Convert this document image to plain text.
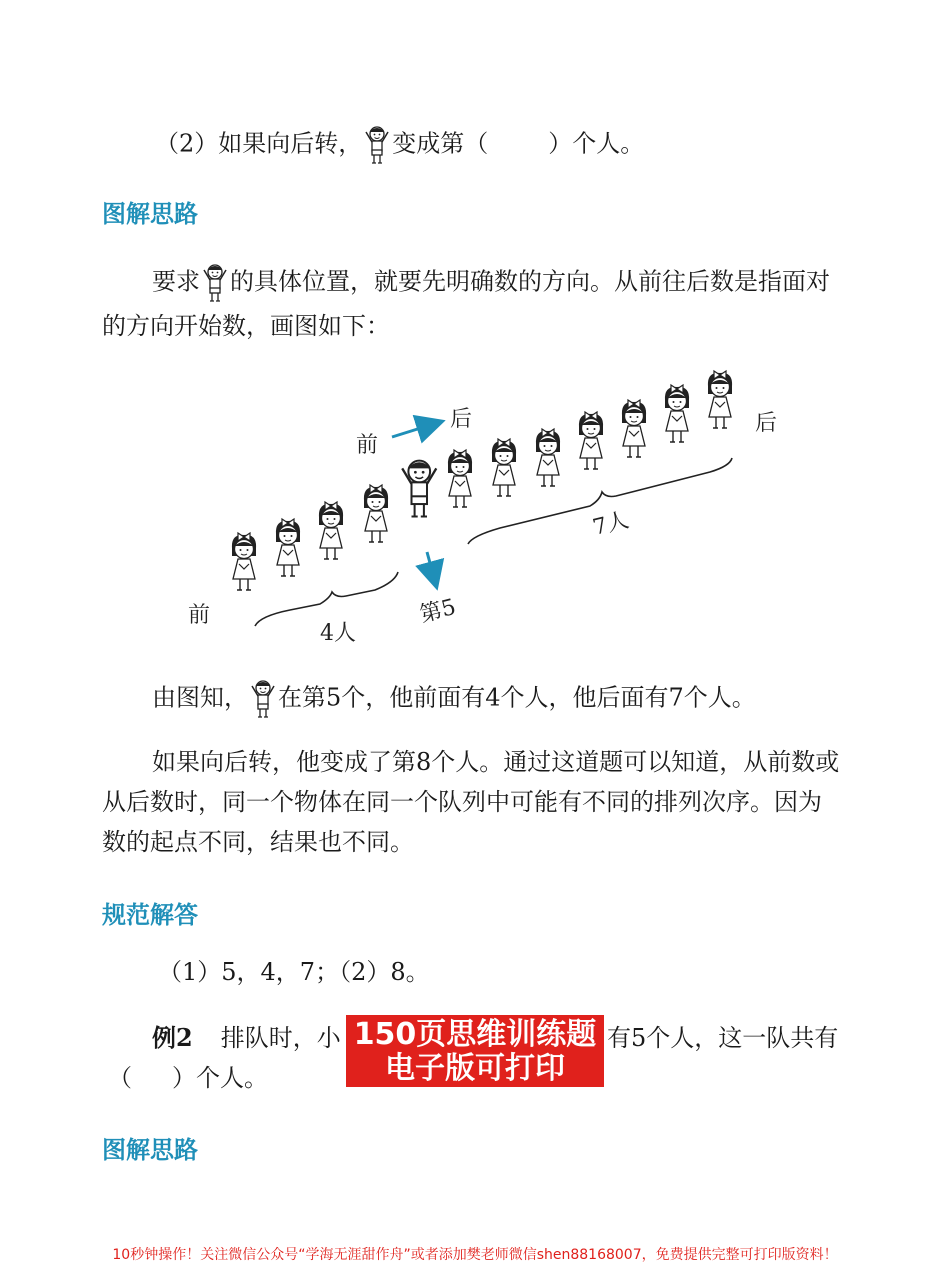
（2）如果向后转， 变成第（	）个人。
图解思路
要求 的具体位置，就要先明确数的方向。从前往后数是指面对
的方向开始数，画图如下：
前
后	后
前	第5
4人
7人
由图知， 在第5个，他前面有4个人，他后面有7个人。
如果向后转，他变成了第8个人。通过这道题可以知道，从前数或
从后数时，同一个物体在同一个队列中可能有不同的排列次序。因为
数的起点不同，结果也不同。
规范解答
（1）5，4，7；（2）8。
例2 排队时，小	有5个人，这一队共有
（ ）个人。
150页思维训练题
电子版可打印
图解思路
10秒钟操作！关注微信公众号“学海无涯甜作舟”或者添加樊老师微信shen88168007，免费提供完整可打印版资料！
